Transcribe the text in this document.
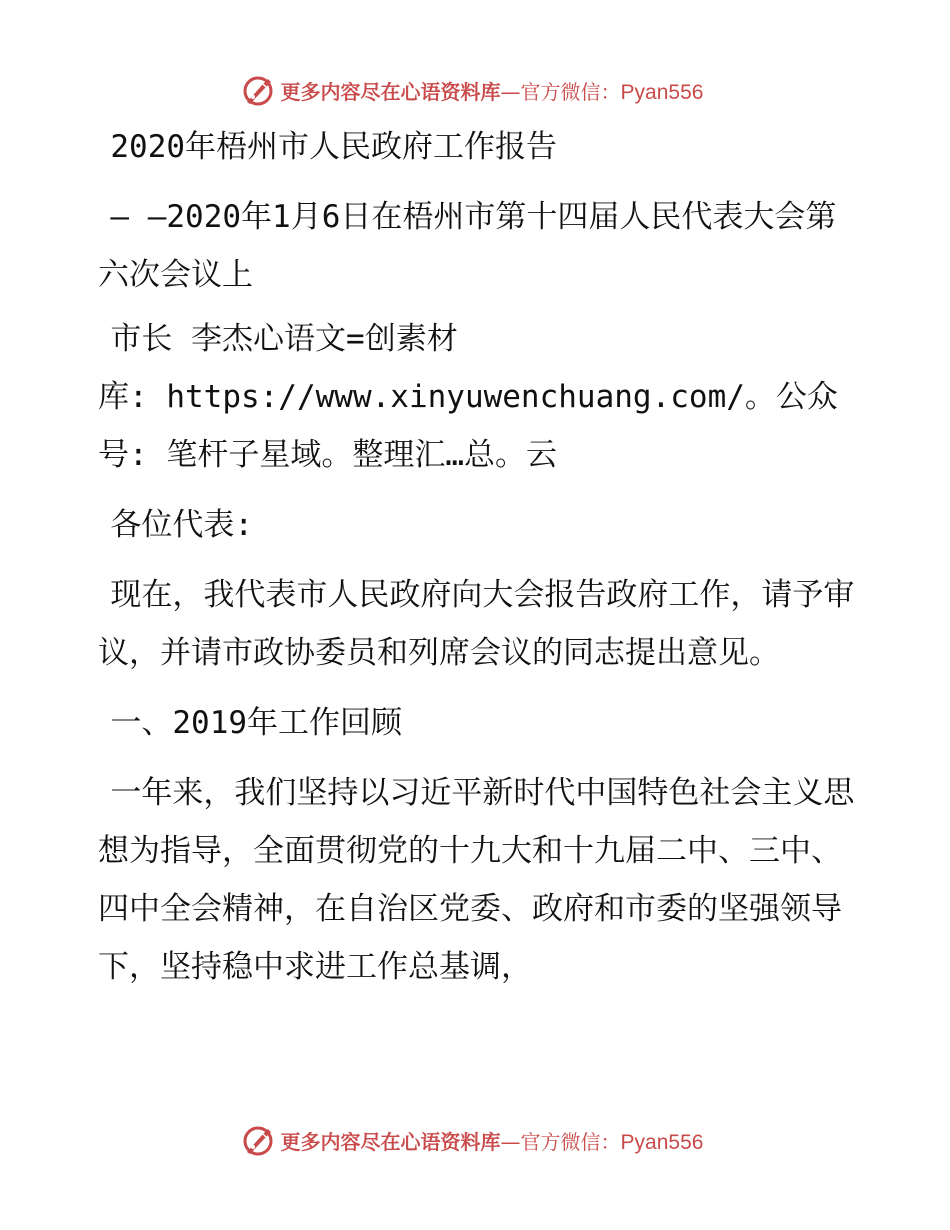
更多内容尽在心语资料库—官方微信：Pyan556

2020年梧州市人民政府工作报告

— —2020年1月6日在梧州市第十四届人民代表大会第六次会议上

市长 李杰心语文=创素材

库: https://www.xinyuwenchuang.com/。公众

号: 笔杆子星域。整理汇…总。云

各位代表:

现在，我代表市人民政府向大会报告政府工作，请予审议，并请市政协委员和列席会议的同志提出意见。

一、2019年工作回顾

一年来，我们坚持以习近平新时代中国特色社会主义思想为指导，全面贯彻党的十九大和十九届二中、三中、四中全会精神，在自治区党委、政府和市委的坚强领导下，坚持稳中求进工作总基调，

更多内容尽在心语资料库—官方微信：Pyan556
